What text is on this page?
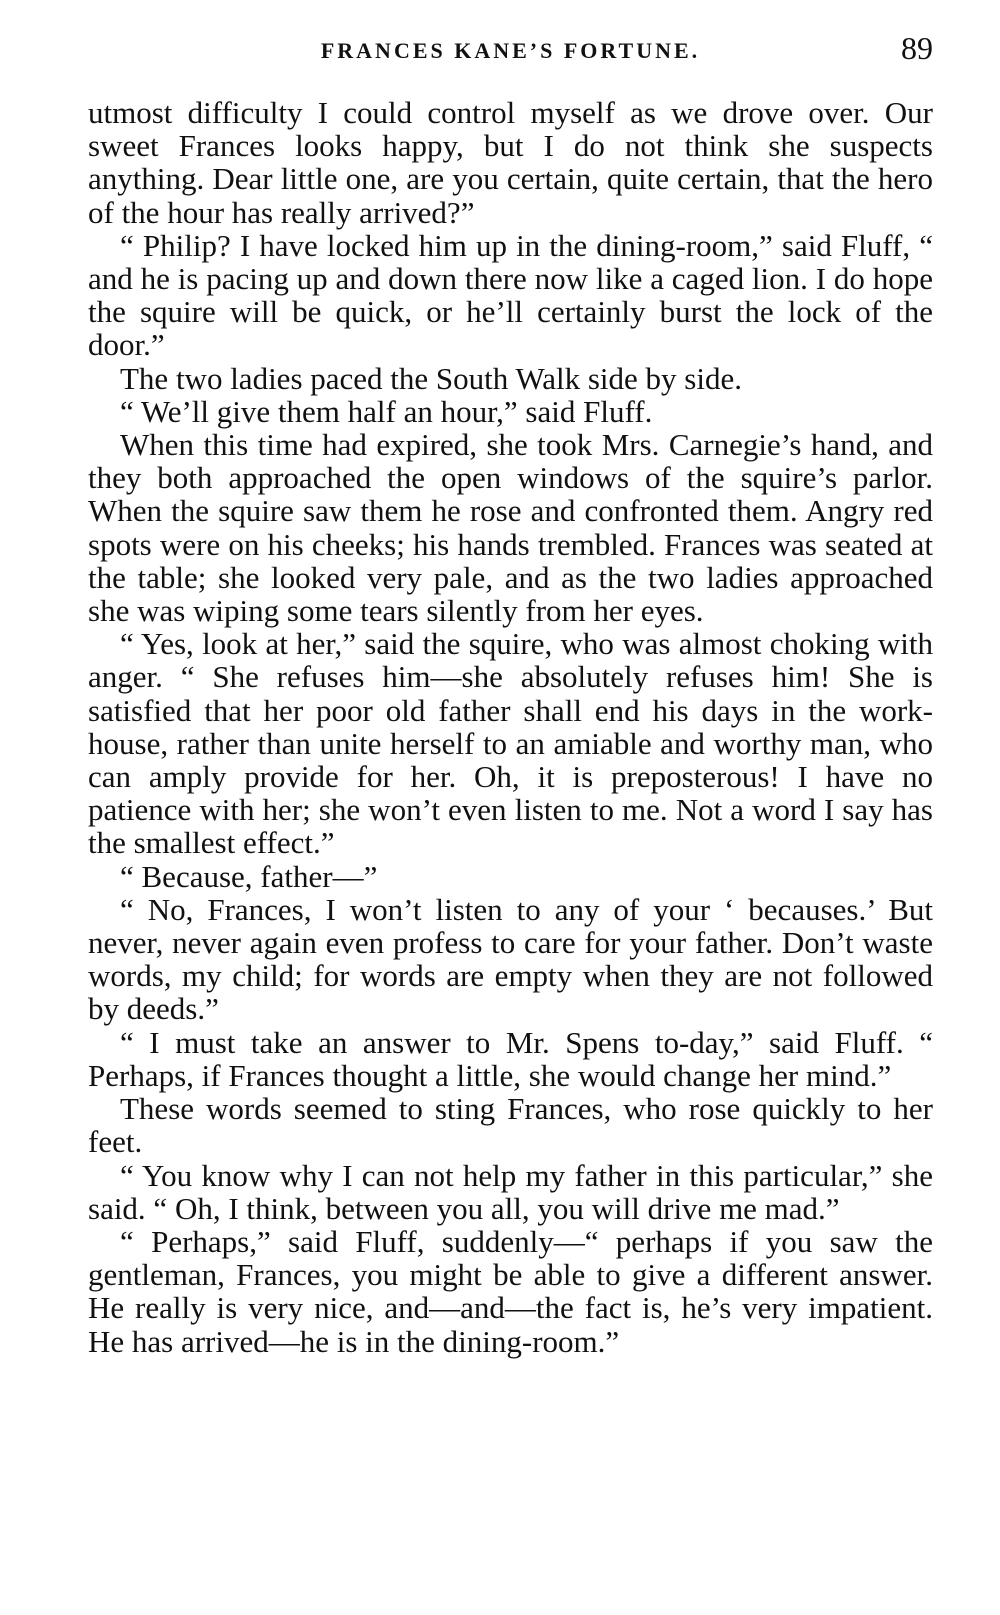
FRANCES KANE’S FORTUNE.	89

utmost difficulty I could control myself as we drove over. Our sweet Frances looks happy, but I do not think she suspects anything. Dear little one, are you certain, quite certain, that the hero of the hour has really arrived?”

“ Philip? I have locked him up in the dining-room,” said Fluff, “ and he is pacing up and down there now like a caged lion. I do hope the squire will be quick, or he’ll certainly burst the lock of the door.”

The two ladies paced the South Walk side by side.

“ We’ll give them half an hour,” said Fluff.

When this time had expired, she took Mrs. Carnegie’s hand, and they both approached the open windows of the squire’s parlor. When the squire saw them he rose and confronted them. Angry red spots were on his cheeks; his hands trembled. Frances was seated at the table; she looked very pale, and as the two ladies approached she was wiping some tears silently from her eyes.

“ Yes, look at her,” said the squire, who was almost choking with anger. “ She refuses him—she absolutely refuses him! She is satisfied that her poor old father shall end his days in the work-house, rather than unite herself to an amiable and worthy man, who can amply provide for her. Oh, it is preposterous! I have no patience with her; she won’t even listen to me. Not a word I say has the smallest effect.”

“ Because, father—”

“ No, Frances, I won’t listen to any of your ‘ becauses.’ But never, never again even profess to care for your father. Don’t waste words, my child; for words are empty when they are not followed by deeds.”

“ I must take an answer to Mr. Spens to-day,” said Fluff. “ Perhaps, if Frances thought a little, she would change her mind.”

These words seemed to sting Frances, who rose quickly to her feet.

“ You know why I can not help my father in this particular,” she said. “ Oh, I think, between you all, you will drive me mad.”

“ Perhaps,” said Fluff, suddenly—“ perhaps if you saw the gentleman, Frances, you might be able to give a different answer. He really is very nice, and—and—the fact is, he’s very impatient. He has arrived—he is in the dining-room.”
